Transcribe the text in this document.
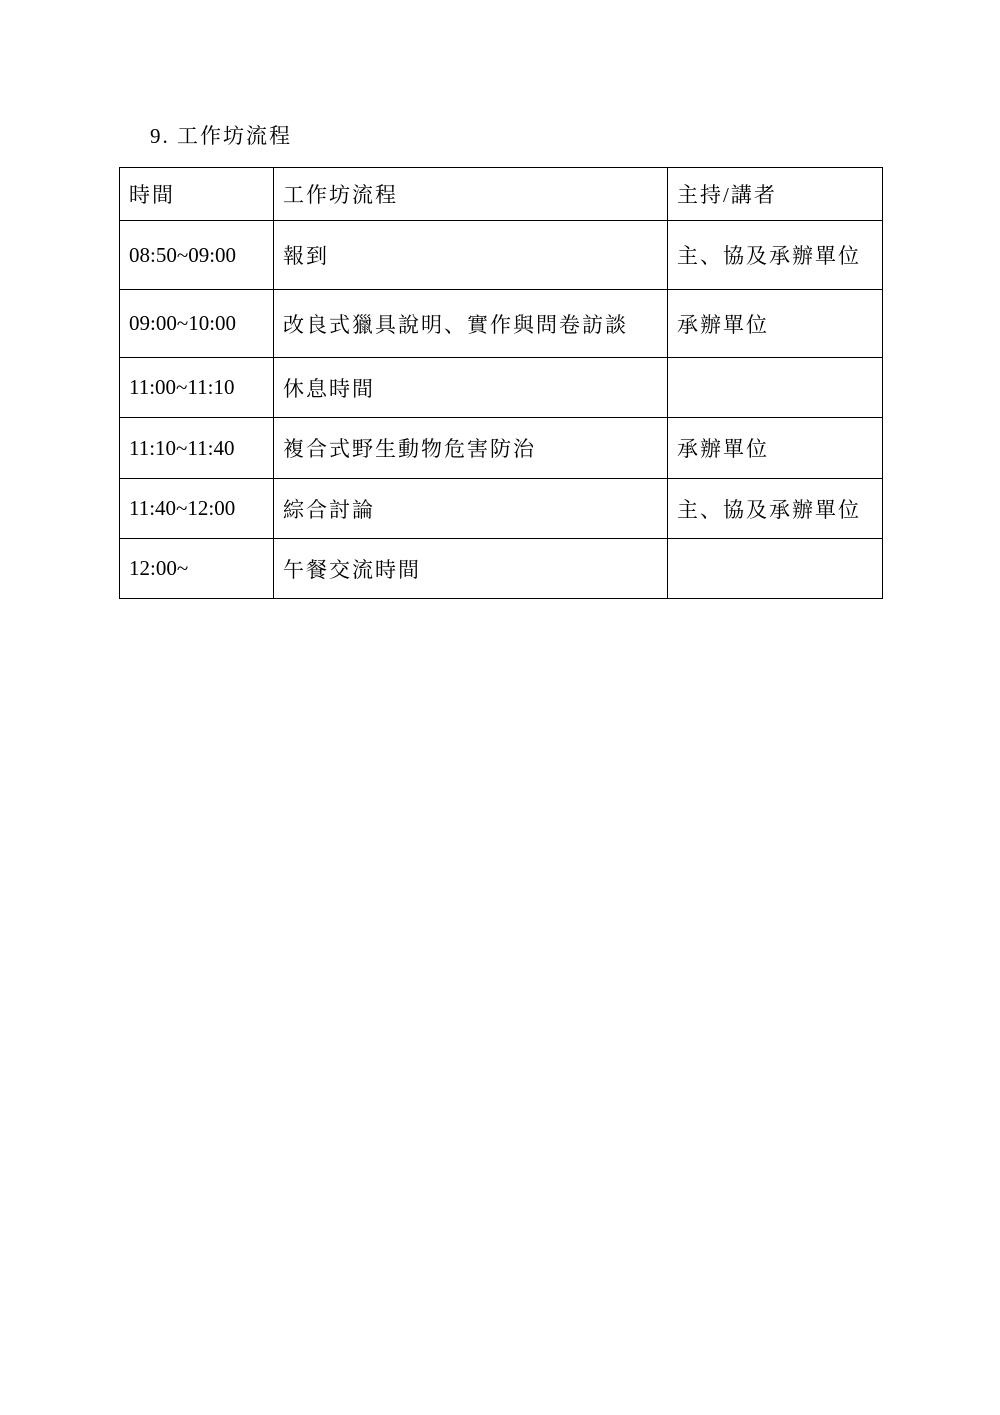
9. 工作坊流程
時間	工作坊流程	主持/講者
08:50~09:00	報到	主、協及承辦單位
09:00~10:00	改良式獵具說明、實作與問卷訪談	承辦單位
11:00~11:10	休息時間	
11:10~11:40	複合式野生動物危害防治	承辦單位
11:40~12:00	綜合討論	主、協及承辦單位
12:00~	午餐交流時間	
